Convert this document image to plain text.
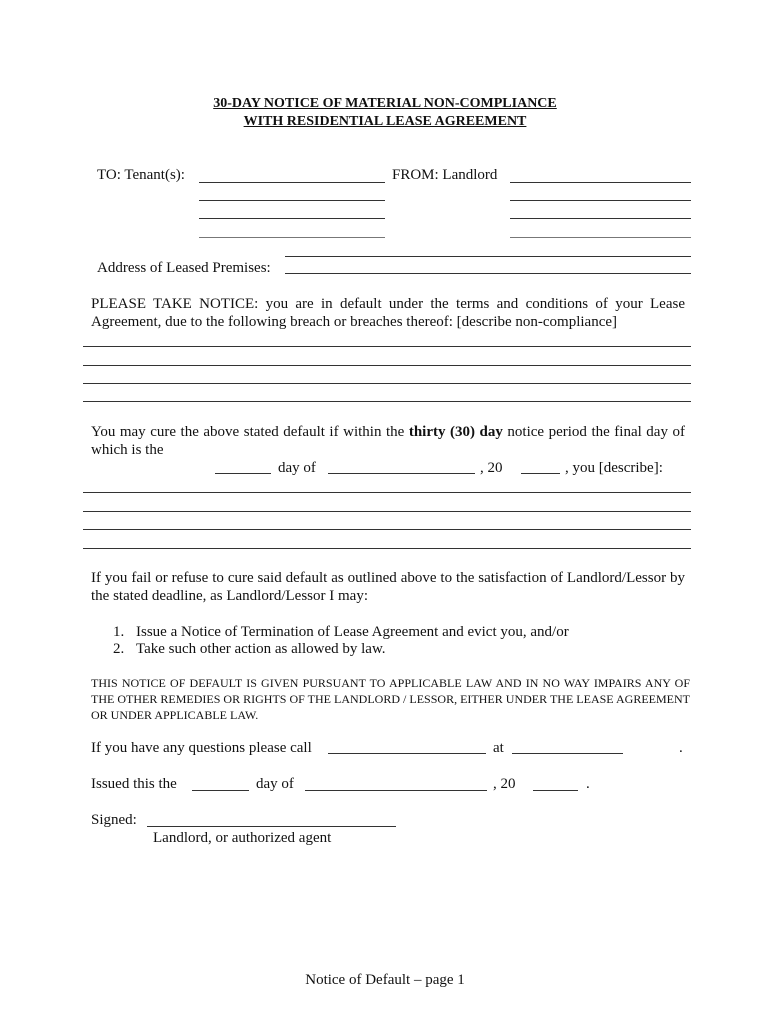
30-DAY NOTICE OF MATERIAL NON-COMPLIANCE
WITH RESIDENTIAL LEASE AGREEMENT
TO: Tenant(s):	FROM: Landlord
Address of Leased Premises:
PLEASE TAKE NOTICE: you are in default under the terms and conditions of your Lease Agreement, due to the following breach or breaches thereof: [describe non-compliance]
You may cure the above stated default if within the thirty (30) day notice period the final day of which is the
day of	, 20	, you [describe]:
If you fail or refuse to cure said default as outlined above to the satisfaction of Landlord/Lessor by the stated deadline, as Landlord/Lessor I may:
1. Issue a Notice of Termination of Lease Agreement and evict you, and/or
2. Take such other action as allowed by law.
THIS NOTICE OF DEFAULT IS GIVEN PURSUANT TO APPLICABLE LAW AND IN NO WAY IMPAIRS ANY OF THE OTHER REMEDIES OR RIGHTS OF THE LANDLORD / LESSOR, EITHER UNDER THE LEASE AGREEMENT OR UNDER APPLICABLE LAW.
If you have any questions please call	at	.
Issued this the	day of	, 20	.
Signed:
Landlord, or authorized agent
Notice of Default – page 1
